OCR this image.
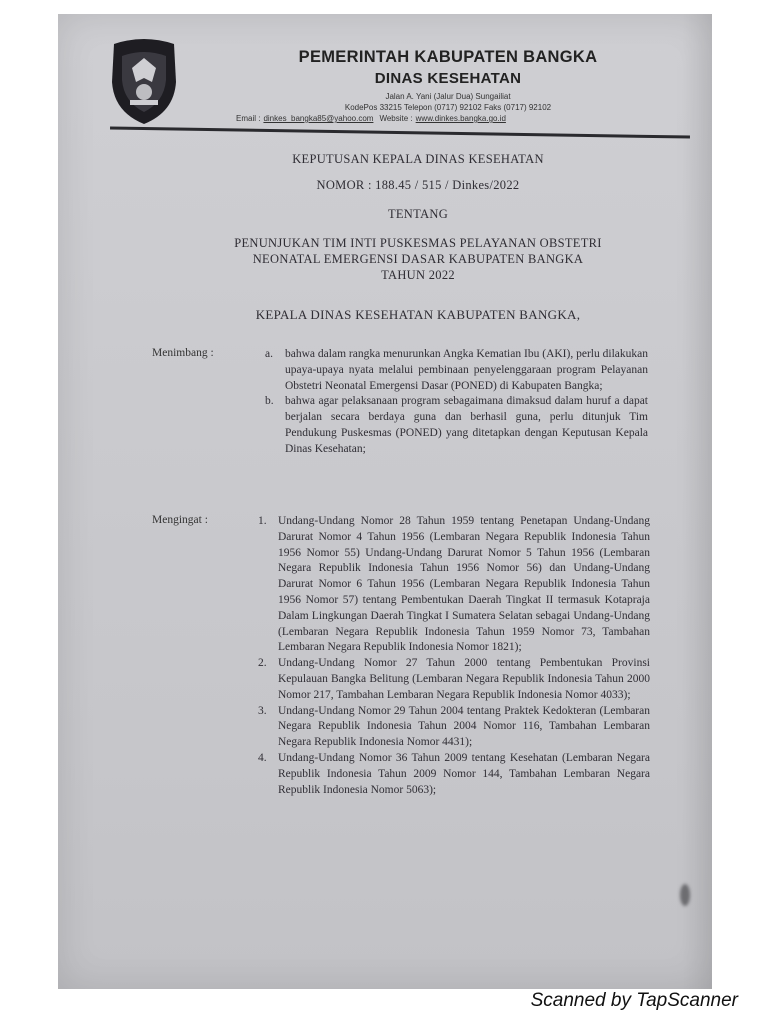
PEMERINTAH KABUPATEN BANGKA
DINAS KESEHATAN
Jalan A. Yani (Jalur Dua) Sungailiat
KodePos 33215 Telepon (0717) 92102 Faks (0717) 92102
Email : dinkes_bangka85@yahoo.com Website : www.dinkes.bangka.go.id
KEPUTUSAN KEPALA DINAS KESEHATAN
NOMOR : 188.45 / 515 / Dinkes/2022
TENTANG
PENUNJUKAN TIM INTI PUSKESMAS PELAYANAN OBSTETRI
NEONATAL EMERGENSI DASAR KABUPATEN BANGKA
TAHUN 2022
KEPALA DINAS KESEHATAN KABUPATEN BANGKA,
Menimbang :	a. bahwa dalam rangka menurunkan Angka Kematian Ibu (AKI), perlu dilakukan upaya-upaya nyata melalui pembinaan penyelenggaraan program Pelayanan Obstetri Neonatal Emergensi Dasar (PONED) di Kabupaten Bangka;
b. bahwa agar pelaksanaan program sebagaimana dimaksud dalam huruf a dapat berjalan secara berdaya guna dan berhasil guna, perlu ditunjuk Tim Pendukung Puskesmas (PONED) yang ditetapkan dengan Keputusan Kepala Dinas Kesehatan;
Mengingat :	1. Undang-Undang Nomor 28 Tahun 1959 tentang Penetapan Undang-Undang Darurat Nomor 4 Tahun 1956 (Lembaran Negara Republik Indonesia Tahun 1956 Nomor 55) Undang-Undang Darurat Nomor 5 Tahun 1956 (Lembaran Negara Republik Indonesia Tahun 1956 Nomor 56) dan Undang-Undang Darurat Nomor 6 Tahun 1956 (Lembaran Negara Republik Indonesia Tahun 1956 Nomor 57) tentang Pembentukan Daerah Tingkat II termasuk Kotapraja Dalam Lingkungan Daerah Tingkat I Sumatera Selatan sebagai Undang-Undang (Lembaran Negara Republik Indonesia Tahun 1959 Nomor 73, Tambahan Lembaran Negara Republik Indonesia Nomor 1821);
2. Undang-Undang Nomor 27 Tahun 2000 tentang Pembentukan Provinsi Kepulauan Bangka Belitung (Lembaran Negara Republik Indonesia Tahun 2000 Nomor 217, Tambahan Lembaran Negara Republik Indonesia Nomor 4033);
3. Undang-Undang Nomor 29 Tahun 2004 tentang Praktek Kedokteran (Lembaran Negara Republik Indonesia Tahun 2004 Nomor 116, Tambahan Lembaran Negara Republik Indonesia Nomor 4431);
4. Undang-Undang Nomor 36 Tahun 2009 tentang Kesehatan (Lembaran Negara Republik Indonesia Tahun 2009 Nomor 144, Tambahan Lembaran Negara Republik Indonesia Nomor 5063);
Scanned by TapScanner
